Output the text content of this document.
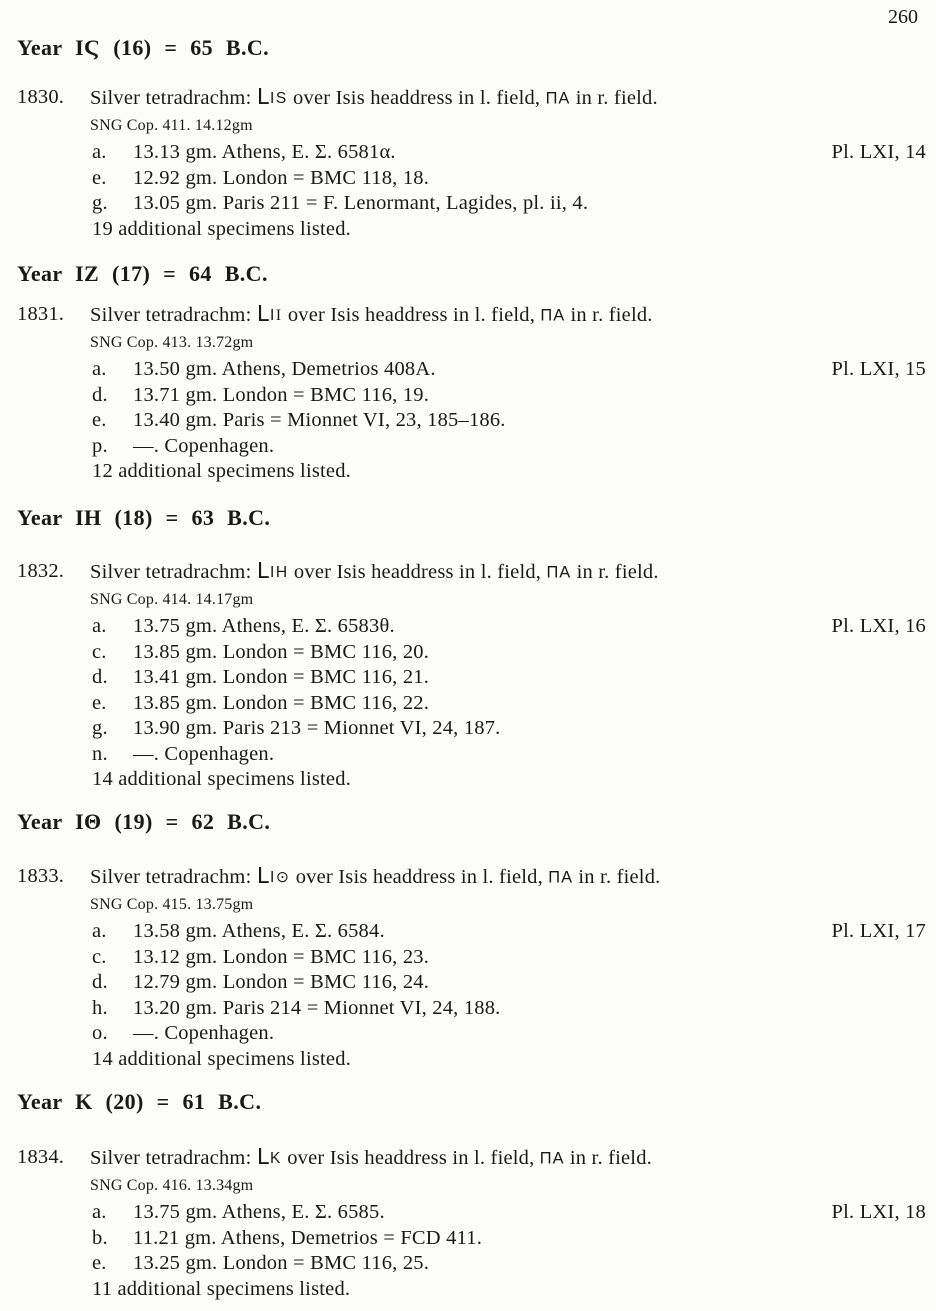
260
Year IϚ (16) = 65 B.C.
1830.	Silver tetradrachm: ᒪIS over Isis headdress in l. field, ΠA in r. field.
SNG Cop. 411. 14.12gm
a.	13.13 gm. Athens, E. Σ. 6581α.	Pl. LXI, 14
e.	12.92 gm. London = BMC 118, 18.
g.	13.05 gm. Paris 211 = F. Lenormant, Lagides, pl. ii, 4.
19 additional specimens listed.
Year IZ (17) = 64 B.C.
1831.	Silver tetradrachm: ᒪII over Isis headdress in l. field, ΠA in r. field.
SNG Cop. 413. 13.72gm
a.	13.50 gm. Athens, Demetrios 408A.	Pl. LXI, 15
d.	13.71 gm. London = BMC 116, 19.
e.	13.40 gm. Paris = Mionnet VI, 23, 185–186.
p.	—. Copenhagen.
12 additional specimens listed.
Year IH (18) = 63 B.C.
1832.	Silver tetradrachm: ᒪIH over Isis headdress in l. field, ΠA in r. field.
SNG Cop. 414. 14.17gm
a.	13.75 gm. Athens, E. Σ. 6583θ.	Pl. LXI, 16
c.	13.85 gm. London = BMC 116, 20.
d.	13.41 gm. London = BMC 116, 21.
e.	13.85 gm. London = BMC 116, 22.
g.	13.90 gm. Paris 213 = Mionnet VI, 24, 187.
n.	—. Copenhagen.
14 additional specimens listed.
Year IΘ (19) = 62 B.C.
1833.	Silver tetradrachm: ᒪI⊙ over Isis headdress in l. field, ΠA in r. field.
SNG Cop. 415. 13.75gm
a.	13.58 gm. Athens, E. Σ. 6584.	Pl. LXI, 17
c.	13.12 gm. London = BMC 116, 23.
d.	12.79 gm. London = BMC 116, 24.
h.	13.20 gm. Paris 214 = Mionnet VI, 24, 188.
o.	—. Copenhagen.
14 additional specimens listed.
Year K (20) = 61 B.C.
1834.	Silver tetradrachm: ᒪK over Isis headdress in l. field, ΠA in r. field.
SNG Cop. 416. 13.34gm
a.	13.75 gm. Athens, E. Σ. 6585.	Pl. LXI, 18
b.	11.21 gm. Athens, Demetrios = FCD 411.
e.	13.25 gm. London = BMC 116, 25.
11 additional specimens listed.
